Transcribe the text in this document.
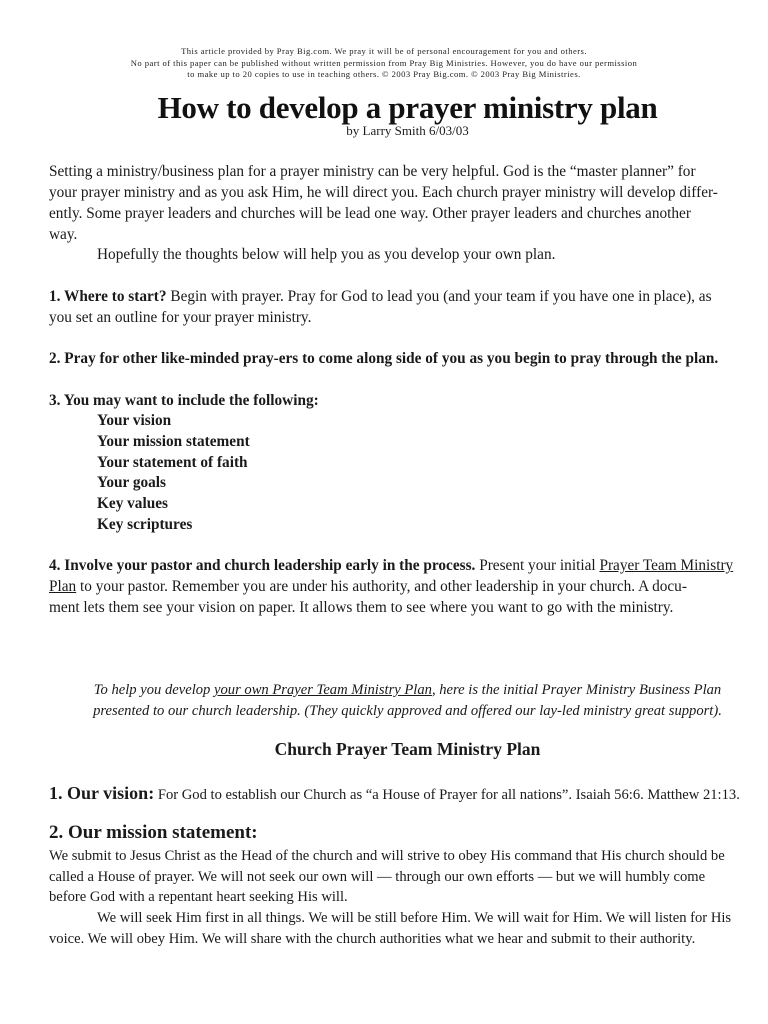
This article provided by Pray Big.com. We pray it will be of personal encouragement for you and others.
No part of this paper can be published without written permission from Pray Big Ministries. However, you do have our permission
to make up to 20 copies to use in teaching others. © 2003 Pray Big.com. © 2003 Pray Big Ministries.
How to develop a prayer ministry plan
by Larry Smith 6/03/03
Setting a ministry/business plan for a prayer ministry can be very helpful. God is the “master planner” for
your prayer ministry and as you ask Him, he will direct you. Each church prayer ministry will develop differ-
ently. Some prayer leaders and churches will be lead one way. Other prayer leaders and churches another
way.
Hopefully the thoughts below will help you as you develop your own plan.
1. Where to start? Begin with prayer. Pray for God to lead you (and your team if you have one in place), as
you set an outline for your prayer ministry.
2. Pray for other like-minded pray-ers to come along side of you as you begin to pray through the plan.
3. You may want to include the following:
Your vision
Your mission statement
Your statement of faith
Your goals
Key values
Key scriptures
4. Involve your pastor and church leadership early in the process. Present your initial Prayer Team Ministry
Plan to your pastor. Remember you are under his authority, and other leadership in your church. A docu-
ment lets them see your vision on paper. It allows them to see where you want to go with the ministry.
To help you develop your own Prayer Team Ministry Plan, here is the initial Prayer Ministry Business Plan
presented to our church leadership. (They quickly approved and offered our lay-led ministry great support).
Church Prayer Team Ministry Plan
1. Our vision: For God to establish our Church as “a House of Prayer for all nations”. Isaiah 56:6. Matthew 21:13.
2. Our mission statement:
We submit to Jesus Christ as the Head of the church and will strive to obey His command that His church should be
called a House of prayer. We will not seek our own will — through our own efforts — but we will humbly come
before God with a repentant heart seeking His will.
We will seek Him first in all things. We will be still before Him. We will wait for Him. We will listen for His
voice. We will obey Him. We will share with the church authorities what we hear and submit to their authority.
